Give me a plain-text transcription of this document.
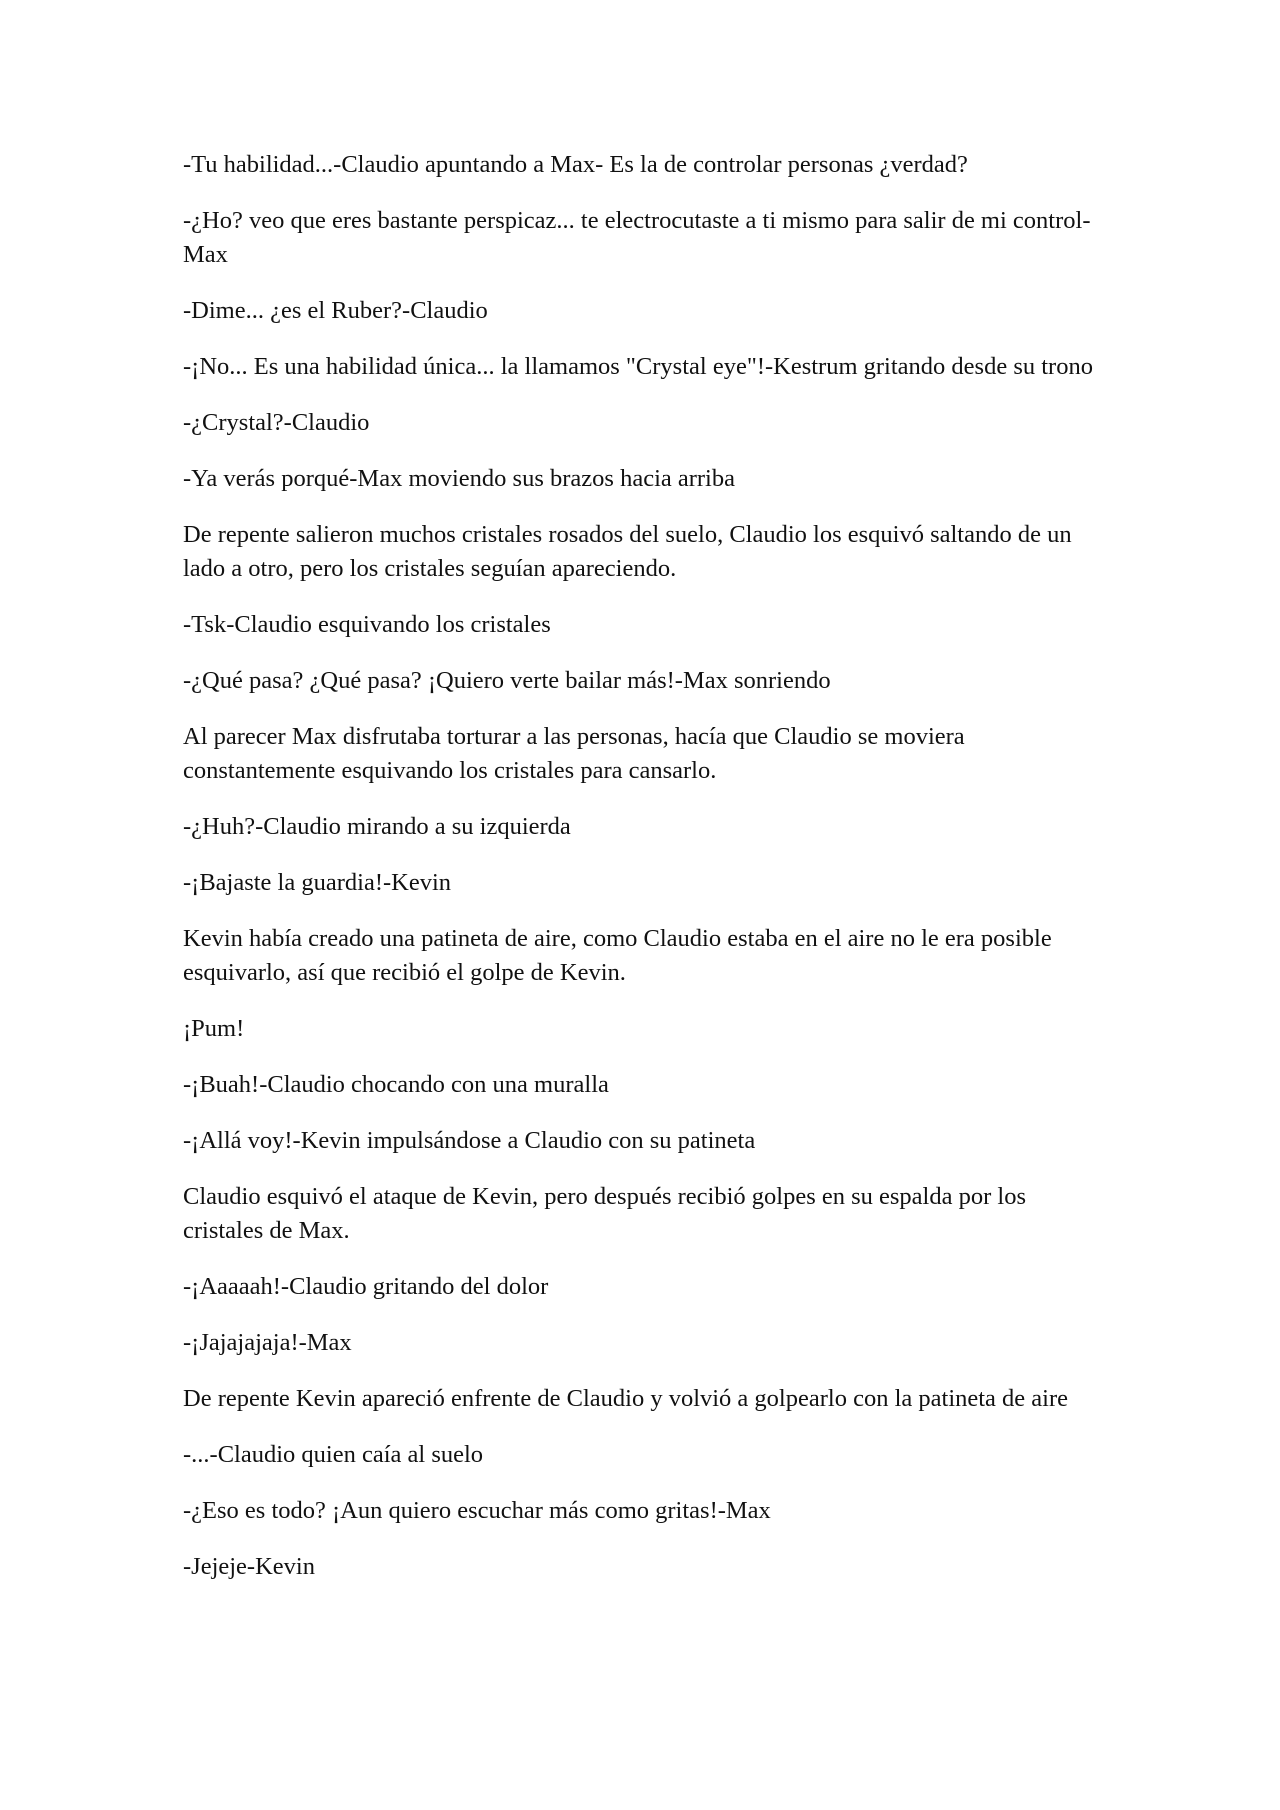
-Tu habilidad...-Claudio apuntando a Max- Es la de controlar personas ¿verdad?

-¿Ho? veo que eres bastante perspicaz... te electrocutaste a ti mismo para salir de mi control- Max

-Dime... ¿es el Ruber?-Claudio

-¡No... Es una habilidad única... la llamamos "Crystal eye"!-Kestrum gritando desde su trono

-¿Crystal?-Claudio

-Ya verás porqué-Max moviendo sus brazos hacia arriba

De repente salieron muchos cristales rosados del suelo, Claudio los esquivó saltando de un lado a otro, pero los cristales seguían apareciendo.

-Tsk-Claudio esquivando los cristales

-¿Qué pasa? ¿Qué pasa? ¡Quiero verte bailar más!-Max sonriendo

Al parecer Max disfrutaba torturar a las personas, hacía que Claudio se moviera constantemente esquivando los cristales para cansarlo.

-¿Huh?-Claudio mirando a su izquierda

-¡Bajaste la guardia!-Kevin

Kevin había creado una patineta de aire, como Claudio estaba en el aire no le era posible esquivarlo, así que recibió el golpe de Kevin.

¡Pum!

-¡Buah!-Claudio chocando con una muralla

-¡Allá voy!-Kevin impulsándose a Claudio con su patineta

Claudio esquivó el ataque de Kevin, pero después recibió golpes en su espalda por los cristales de Max.

-¡Aaaaah!-Claudio gritando del dolor

-¡Jajajajaja!-Max

De repente Kevin apareció enfrente de Claudio y volvió a golpearlo con la patineta de aire

-...-Claudio quien caía al suelo

-¿Eso es todo? ¡Aun quiero escuchar más como gritas!-Max

-Jejeje-Kevin
